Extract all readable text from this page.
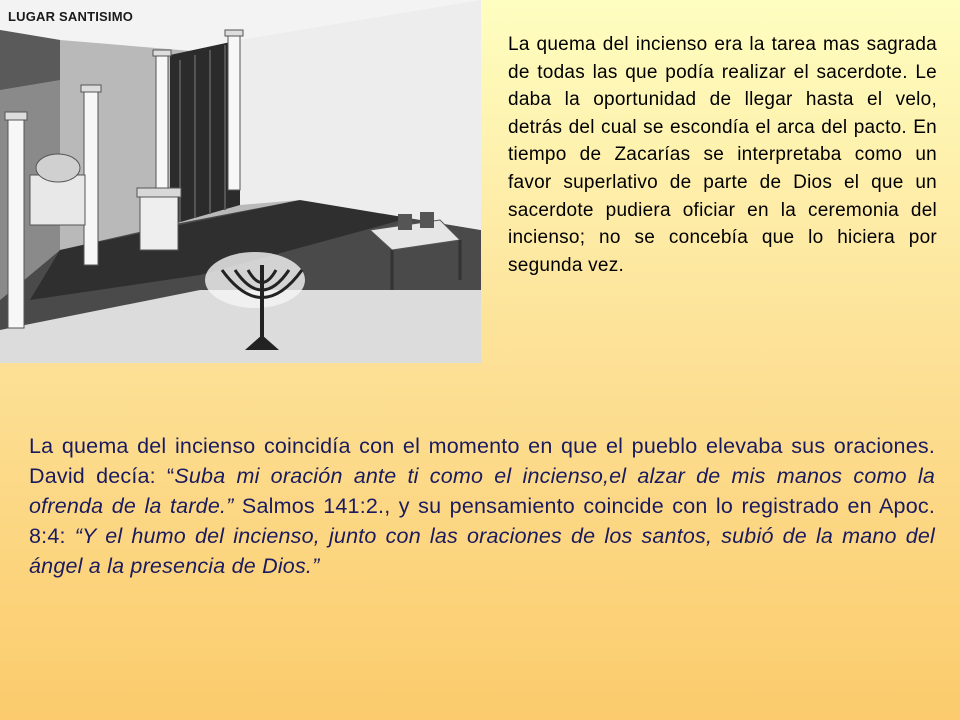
LUGAR SANTISIMO

La quema del incienso era la tarea mas sagrada de todas las que podía realizar el sacerdote. Le daba la oportunidad de llegar hasta el velo, detrás del cual se escondía el arca del pacto. En tiempo de Zacarías se interpretaba como un favor superlativo de parte de Dios el que un sacerdote pudiera oficiar en la ceremonia del incienso; no se concebía que lo hiciera por segunda vez.

La quema del incienso coincidía con el momento en que el pueblo elevaba sus oraciones. David decía: “Suba mi oración ante ti como el incienso,el alzar de mis manos como la ofrenda de la tarde.” Salmos 141:2., y su pensamiento coincide con lo registrado en Apoc. 8:4: “Y el humo del incienso, junto con las oraciones de los santos, subió de la mano del ángel a la presencia de Dios.”
